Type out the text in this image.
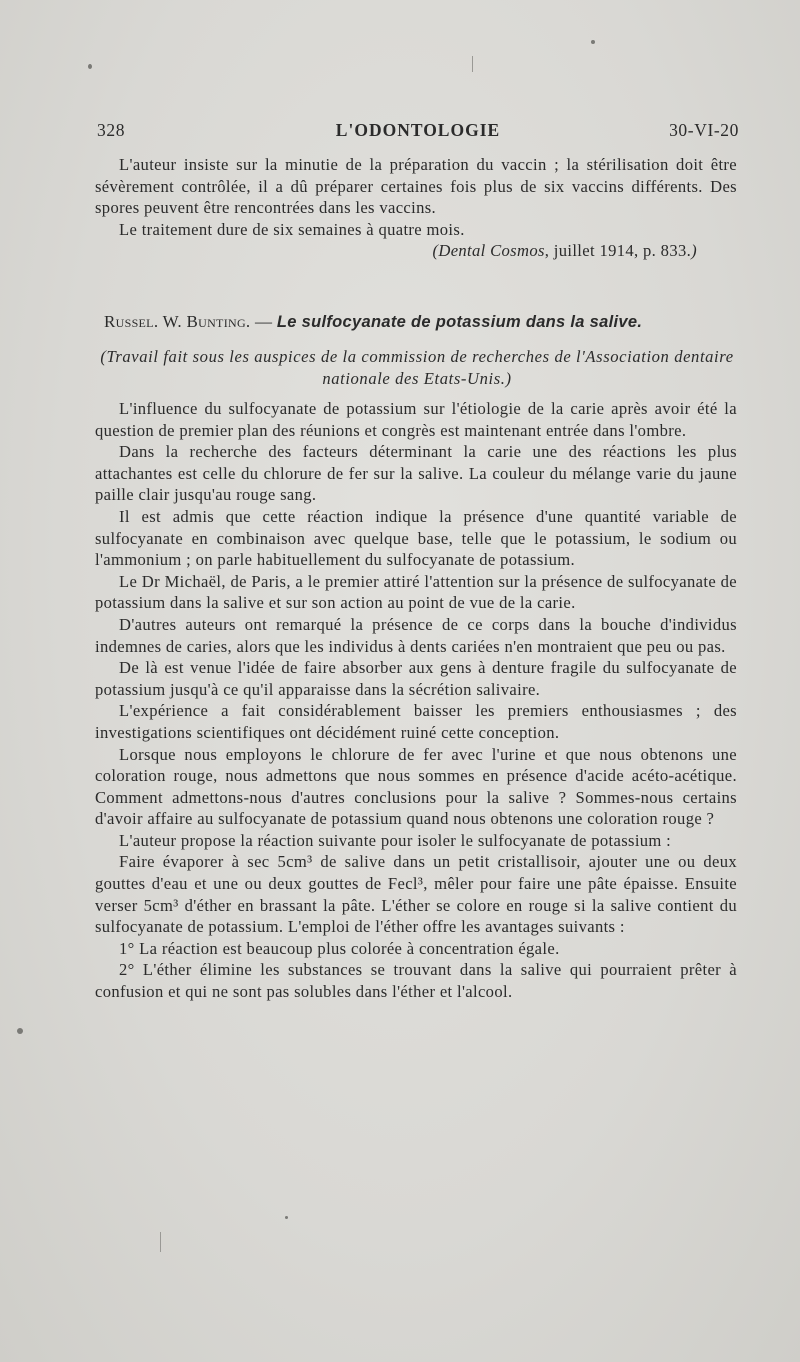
328	L'ODONTOLOGIE	30-VI-20

L'auteur insiste sur la minutie de la préparation du vaccin ; la stérilisation doit être sévèrement contrôlée, il a dû préparer certaines fois plus de six vaccins différents. Des spores peuvent être rencontrées dans les vaccins.

Le traitement dure de six semaines à quatre mois.

(Dental Cosmos, juillet 1914, p. 833.)

Russel. W. Bunting. — Le sulfocyanate de potassium dans la salive.
(Travail fait sous les auspices de la commission de recherches de l'Association dentaire nationale des Etats-Unis.)

L'influence du sulfocyanate de potassium sur l'étiologie de la carie après avoir été la question de premier plan des réunions et congrès est maintenant entrée dans l'ombre.

Dans la recherche des facteurs déterminant la carie une des réactions les plus attachantes est celle du chlorure de fer sur la salive. La couleur du mélange varie du jaune paille clair jusqu'au rouge sang.

Il est admis que cette réaction indique la présence d'une quantité variable de sulfocyanate en combinaison avec quelque base, telle que le potassium, le sodium ou l'ammonium ; on parle habituellement du sulfocyanate de potassium.

Le Dr Michaël, de Paris, a le premier attiré l'attention sur la présence de sulfocyanate de potassium dans la salive et sur son action au point de vue de la carie.

D'autres auteurs ont remarqué la présence de ce corps dans la bouche d'individus indemnes de caries, alors que les individus à dents cariées n'en montraient que peu ou pas.

De là est venue l'idée de faire absorber aux gens à denture fragile du sulfocyanate de potassium jusqu'à ce qu'il apparaisse dans la sécrétion salivaire.

L'expérience a fait considérablement baisser les premiers enthousiasmes ; des investigations scientifiques ont décidément ruiné cette conception.

Lorsque nous employons le chlorure de fer avec l'urine et que nous obtenons une coloration rouge, nous admettons que nous sommes en présence d'acide acéto-acétique. Comment admettons-nous d'autres conclusions pour la salive ? Sommes-nous certains d'avoir affaire au sulfocyanate de potassium quand nous obtenons une coloration rouge ?

L'auteur propose la réaction suivante pour isoler le sulfocyanate de potassium :

Faire évaporer à sec 5cm³ de salive dans un petit cristallisoir, ajouter une ou deux gouttes d'eau et une ou deux gouttes de Fecl³, mêler pour faire une pâte épaisse. Ensuite verser 5cm³ d'éther en brassant la pâte. L'éther se colore en rouge si la salive contient du sulfocyanate de potassium. L'emploi de l'éther offre les avantages suivants :

1° La réaction est beaucoup plus colorée à concentration égale.

2° L'éther élimine les substances se trouvant dans la salive qui pourraient prêter à confusion et qui ne sont pas solubles dans l'éther et l'alcool.
